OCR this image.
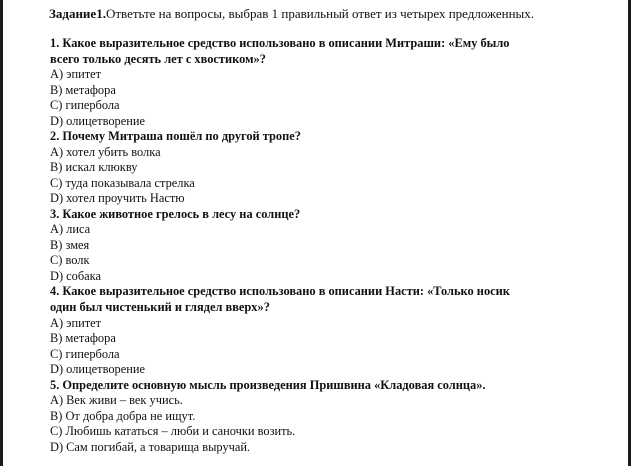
Задание1.Ответьте на вопросы, выбрав 1 правильный ответ из четырех предложенных.

1. Какое выразительное средство использовано в описании Митраши: «Ему было
всего только десять лет с хвостиком»?

A) эпитет

B) метафора

C) гипербола

D) олицетворение

2. Почему Митраша пошёл по другой тропе?

A) хотел убить волка

B) искал клюкву

C) туда показывала стрелка

D) хотел проучить Настю

3. Какое животное грелось в лесу на солнце?

A) лиса

B) змея

C) волк

D) собака

4. Какое выразительное средство использовано в описании Насти: «Только носик
один был чистенький и глядел вверх»?

A) эпитет

B) метафора

C) гипербола

D) олицетворение

5. Определите основную мысль произведения Пришвина «Кладовая солнца».

A) Век живи – век учись.

B) От добра добра не ищут.

C) Любишь кататься – люби и саночки возить.

D) Сам погибай, а товарища выручай.
